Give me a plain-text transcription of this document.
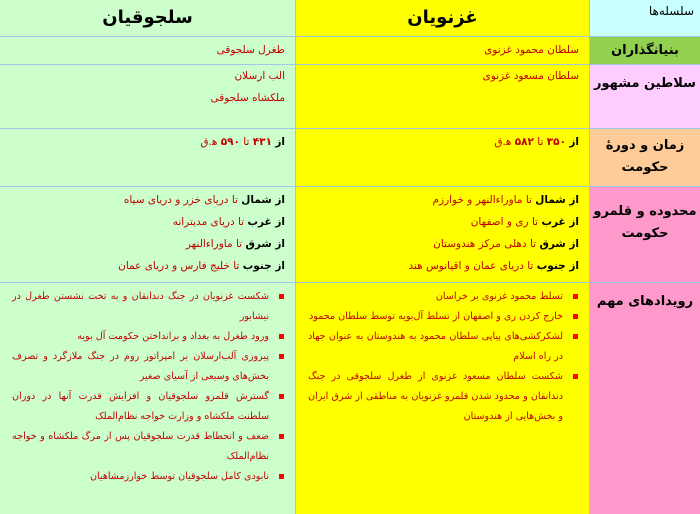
سلسله‌ها
غزنویان
سلجوقیان
بنیانگذاران
سلطان محمود غزنوی
طغرل سلجوقی
سلاطین مشهور
سلطان مسعود غزنوی
الب ارسلان
ملکشاه سلجوقی
زمان و دورۀ حکومت
از ۳۵۰ تا ۵۸۲ ه‍.ق
از ۴۳۱ تا ۵۹۰ ه‍.ق
محدوده و قلمرو حکومت
از شمال تا ماوراءالنهر و خوارزم
از غرب تا ری و اصفهان
از شرق تا دهلی مرکز هندوستان
از جنوب تا دریای عمان و اقیانوس هند
از شمال تا دریای خزر و دریای سیاه
از غرب تا دریای مدیترانه
از شرق تا ماوراءالنهر
از جنوب تا خلیج فارس و دریای عمان
رویدادهای مهم
تسلط محمود غزنوی بر خراسان
خارج کردن ری و اصفهان از تسلط آل‌بویه توسط سلطان محمود
لشکرکشی‌های پیاپی سلطان محمود به هندوستان به عنوان جهاد در راه اسلام
شکست سلطان مسعود غزنوی از طغرل سلجوقی در جنگ دندانقان و محدود شدن قلمرو غزنویان به مناطقی از شرق ایران و بخش‌هایی از هندوستان
شکست غزنویان در جنگ دندانقان و به تخت نشستن طغرل در نیشابور
ورود طغرل به بغداد و برانداختن حکومت آل بویه
پیروزی آلب‌ارسلان بر امپراتور روم در جنگ ملازگرد و تصرف بخش‌های وسیعی از آسیای صغیر
گسترش قلمرو سلجوقیان و افزایش قدرت آنها در دوران سلطنت ملکشاه و وزارت خواجه نظام‌الملک
ضعف و انحطاط قدرت سلجوقیان پس از مرگ ملکشاه و خواجه نظام‌الملک
نابودی کامل سلجوقیان توسط خوارزمشاهیان
